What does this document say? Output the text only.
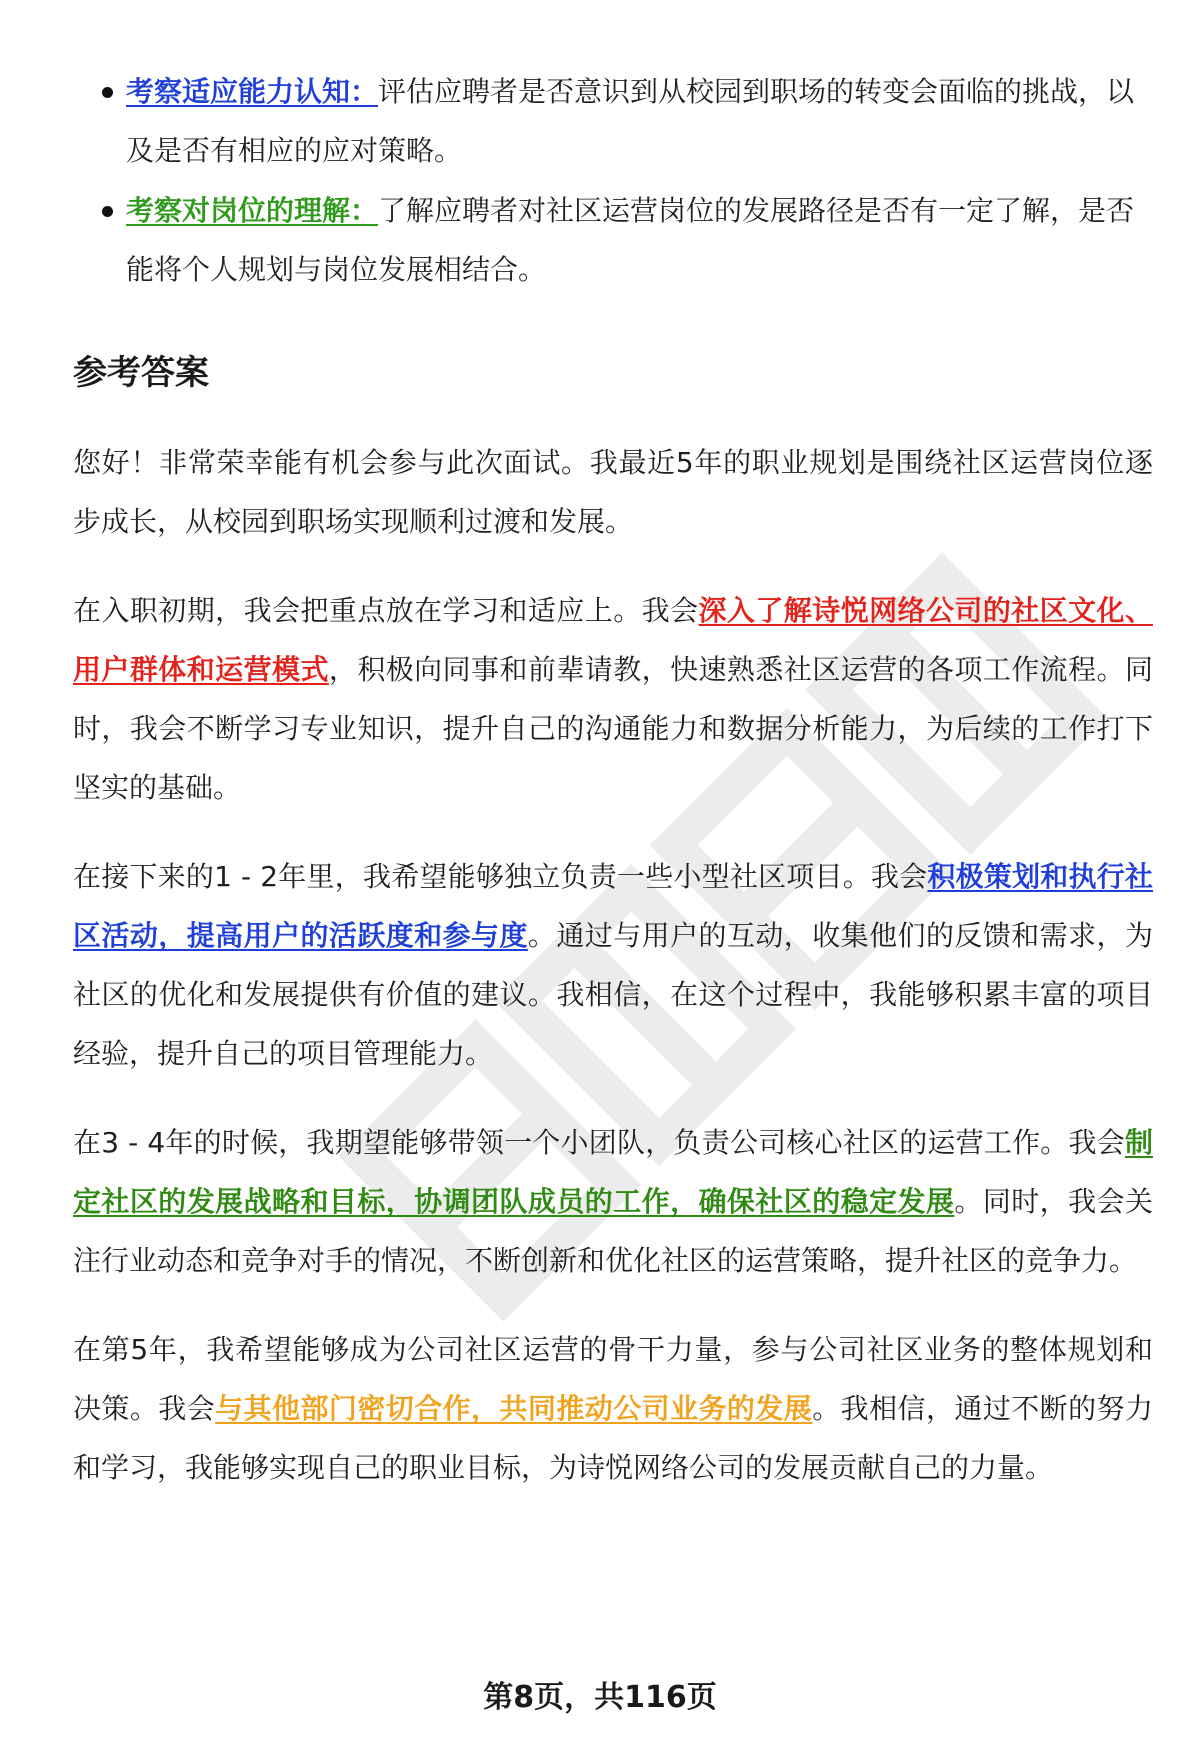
考察适应能力认知：评估应聘者是否意识到从校园到职场的转变会面临的挑战，以及是否有相应的应对策略。
考察对岗位的理解：了解应聘者对社区运营岗位的发展路径是否有一定了解，是否能将个人规划与岗位发展相结合。
参考答案

您好！非常荣幸能有机会参与此次面试。我最近5年的职业规划是围绕社区运营岗位逐步成长，从校园到职场实现顺利过渡和发展。

在入职初期，我会把重点放在学习和适应上。我会深入了解诗悦网络公司的社区文化、用户群体和运营模式，积极向同事和前辈请教，快速熟悉社区运营的各项工作流程。同时，我会不断学习专业知识，提升自己的沟通能力和数据分析能力，为后续的工作打下坚实的基础。

在接下来的1 - 2年里，我希望能够独立负责一些小型社区项目。我会积极策划和执行社区活动，提高用户的活跃度和参与度。通过与用户的互动，收集他们的反馈和需求，为社区的优化和发展提供有价值的建议。我相信，在这个过程中，我能够积累丰富的项目经验，提升自己的项目管理能力。

在3 - 4年的时候，我期望能够带领一个小团队，负责公司核心社区的运营工作。我会制定社区的发展战略和目标，协调团队成员的工作，确保社区的稳定发展。同时，我会关注行业动态和竞争对手的情况，不断创新和优化社区的运营策略，提升社区的竞争力。

在第5年，我希望能够成为公司社区运营的骨干力量，参与公司社区业务的整体规划和决策。我会与其他部门密切合作，共同推动公司业务的发展。我相信，通过不断的努力和学习，我能够实现自己的职业目标，为诗悦网络公司的发展贡献自己的力量。

第8页，共116页
